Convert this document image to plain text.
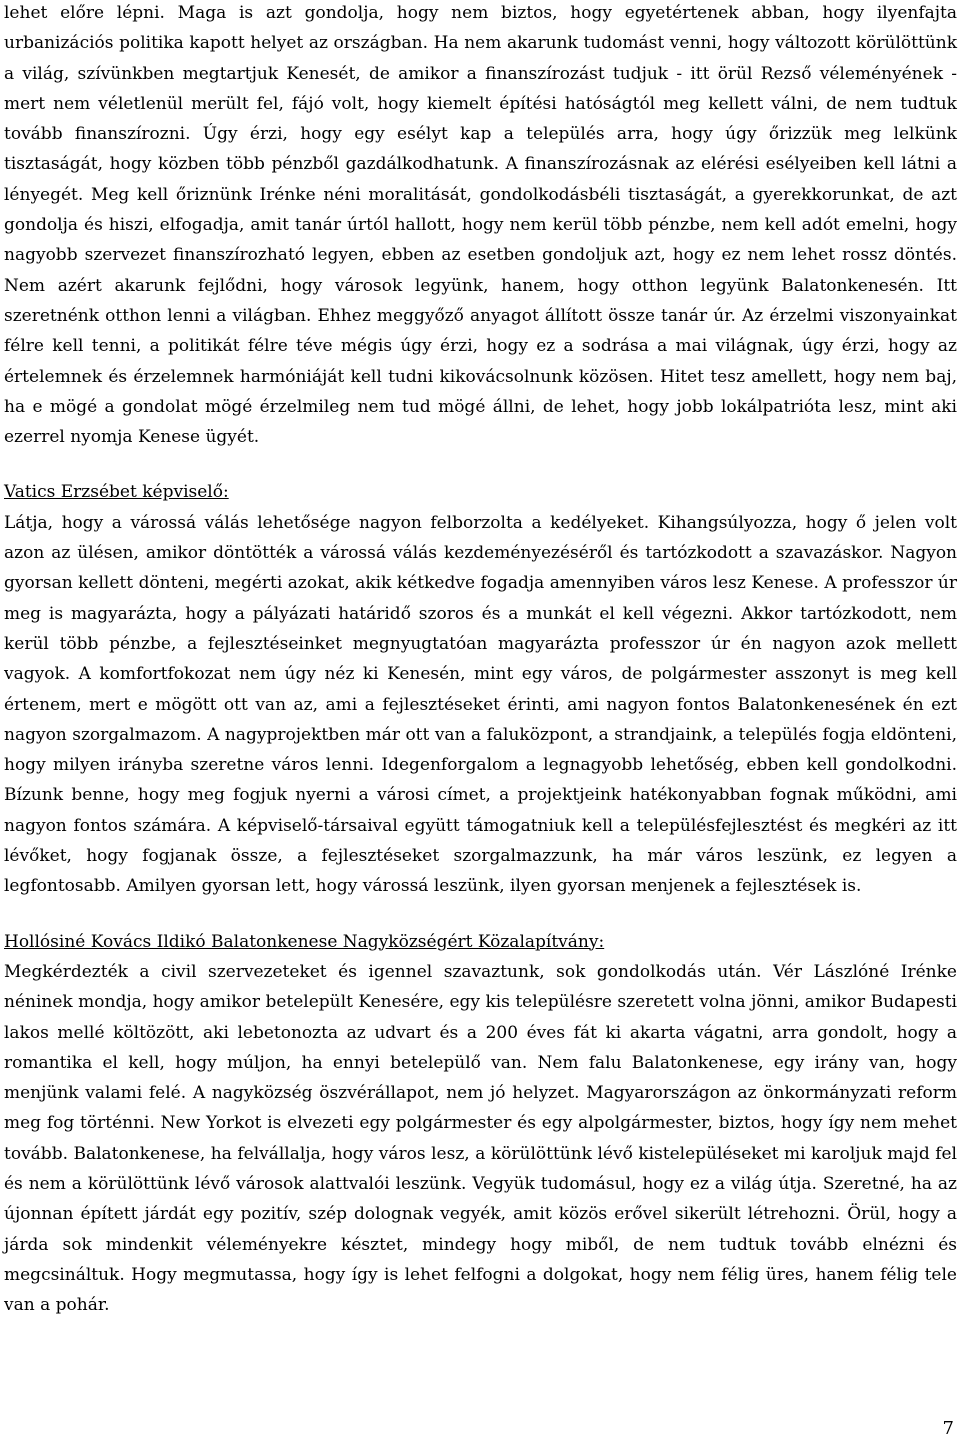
lehet előre lépni. Maga is azt gondolja, hogy nem biztos, hogy egyetértenek abban, hogy ilyenfajta urbanizációs politika kapott helyet az országban. Ha nem akarunk tudomást venni, hogy változott körülöttünk a világ, szívünkben megtartjuk Kenesét, de amikor a finanszírozást tudjuk - itt örül Rezső véleményének - mert nem véletlenül merült fel, fájó volt, hogy kiemelt építési hatóságtól meg kellett válni, de nem tudtuk tovább finanszírozni. Úgy érzi, hogy egy esélyt kap a település arra, hogy úgy őrizzük meg lelkünk tisztaságát, hogy közben több pénzből gazdálkodhatunk. A finanszírozásnak az elérési esélyeiben kell látni a lényegét. Meg kell őriznünk Irénke néni moralitását, gondolkodásbéli tisztaságát, a gyerekkorunkat, de azt gondolja és hiszi, elfogadja, amit tanár úrtól hallott, hogy nem kerül több pénzbe, nem kell adót emelni, hogy nagyobb szervezet finanszírozható legyen, ebben az esetben gondoljuk azt, hogy ez nem lehet rossz döntés. Nem azért akarunk fejlődni, hogy városok legyünk, hanem, hogy otthon legyünk Balatonkenesén. Itt szeretnénk otthon lenni a világban. Ehhez meggyőző anyagot állított össze tanár úr. Az érzelmi viszonyainkat félre kell tenni, a politikát félre téve mégis úgy érzi, hogy ez a sodrása a mai világnak, úgy érzi, hogy az értelemnek és érzelemnek harmóniáját kell tudni kikovácsolnunk közösen. Hitet tesz amellett, hogy nem baj, ha e mögé a gondolat mögé érzelmileg nem tud mögé állni, de lehet, hogy jobb lokálpatrióta lesz, mint aki ezerrel nyomja Kenese ügyét.

Vatics Erzsébet képviselő:

Látja, hogy a várossá válás lehetősége nagyon felborzolta a kedélyeket. Kihangsúlyozza, hogy ő jelen volt azon az ülésen, amikor döntötték a várossá válás kezdeményezéséről és tartózkodott a szavazáskor. Nagyon gyorsan kellett dönteni, megérti azokat, akik kétkedve fogadja amennyiben város lesz Kenese. A professzor úr meg is magyarázta, hogy a pályázati határidő szoros és a munkát el kell végezni. Akkor tartózkodott, nem kerül több pénzbe, a fejlesztéseinket megnyugtatóan magyarázta professzor úr én nagyon azok mellett vagyok. A komfortfokozat nem úgy néz ki Kenesén, mint egy város, de polgármester asszonyt is meg kell értenem, mert e mögött ott van az, ami a fejlesztéseket érinti, ami nagyon fontos Balatonkenesének én ezt nagyon szorgalmazom. A nagyprojektben már ott van a faluközpont, a strandjaink, a település fogja eldönteni, hogy milyen irányba szeretne város lenni. Idegenforgalom a legnagyobb lehetőség, ebben kell gondolkodni. Bízunk benne, hogy meg fogjuk nyerni a városi címet, a projektjeink hatékonyabban fognak működni, ami nagyon fontos számára. A képviselő-társaival együtt támogatniuk kell a településfejlesztést és megkéri az itt lévőket, hogy fogjanak össze, a fejlesztéseket szorgalmazzunk, ha már város leszünk, ez legyen a legfontosabb. Amilyen gyorsan lett, hogy várossá leszünk, ilyen gyorsan menjenek a fejlesztések is.

Hollósiné Kovács Ildikó Balatonkenese Nagyközségért Közalapítvány:

Megkérdezték a civil szervezeteket és igennel szavaztunk, sok gondolkodás után. Vér Lászlóné Irénke néninek mondja, hogy amikor betelepült Kenesére, egy kis településre szeretett volna jönni, amikor Budapesti lakos mellé költözött, aki lebetonozta az udvart és a 200 éves fát ki akarta vágatni, arra gondolt, hogy a romantika el kell, hogy múljon, ha ennyi betelepülő van. Nem falu Balatonkenese, egy irány van, hogy menjünk valami felé. A nagyközség öszvérállapot, nem jó helyzet. Magyarországon az önkormányzati reform meg fog történni. New Yorkot is elvezeti egy polgármester és egy alpolgármester, biztos, hogy így nem mehet tovább. Balatonkenese, ha felvállalja, hogy város lesz, a körülöttünk lévő kistelepüléseket mi karoljuk majd fel és nem a körülöttünk lévő városok alattvalói leszünk. Vegyük tudomásul, hogy ez a világ útja. Szeretné, ha az újonnan épített járdát egy pozitív, szép dolognak vegyék, amit közös erővel sikerült létrehozni. Örül, hogy a járda sok mindenkit véleményekre késztet, mindegy hogy miből, de nem tudtuk tovább elnézni és megcsináltuk. Hogy megmutassa, hogy így is lehet felfogni a dolgokat, hogy nem félig üres, hanem félig tele van a pohár.

7
